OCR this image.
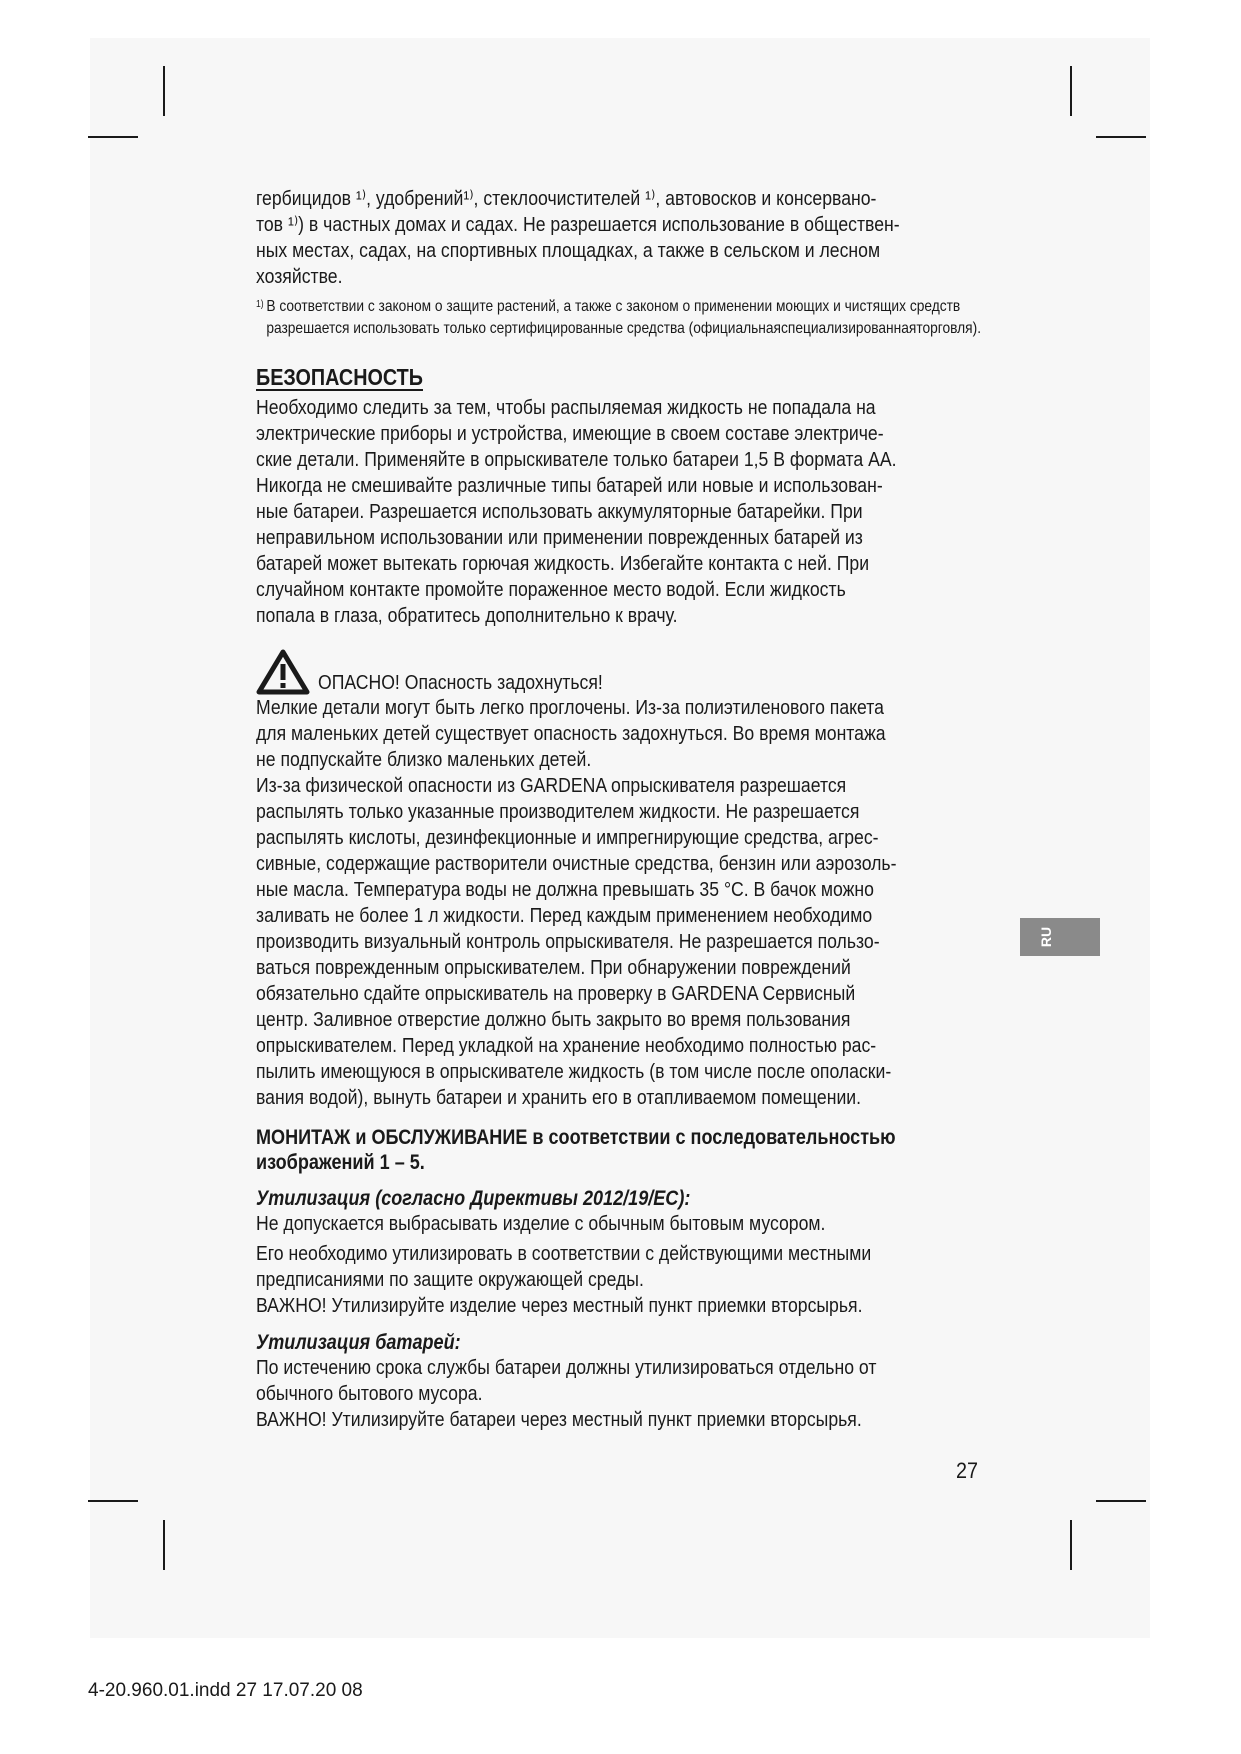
гербицидов ¹⁾, удобрений¹⁾, стеклоочистителей ¹⁾, автовосков и консервано-
тов ¹⁾) в частных домах и садах. Не разрешается использование в обществен-
ных местах, садах, на спортивных площадках, а также в сельском и лесном
хозяйстве.

1) В соответствии с законом о защите растений, а также с законом о применении моющих и чистящих средств разрешается использовать только сертифицированные средства (официальнаяспециализированнаяторговля).
БЕЗОПАСНОСТЬ

Необходимо следить за тем, чтобы распыляемая жидкость не попадала на
электрические приборы и устройства, имеющие в своем составе электриче-
ские детали. Применяйте в опрыскивателе только батареи 1,5 В формата AA.
Никогда не смешивайте различные типы батарей или новые и использован-
ные батареи. Разрешается использовать аккумуляторные батарейки. При
неправильном использовании или применении поврежденных батарей из
батарей может вытекать горючая жидкость. Избегайте контакта с ней. При
случайном контакте промойте пораженное место водой. Если жидкость
попала в глаза, обратитесь дополнительно к врачу.

ОПАСНО! Опасность задохнуться!

Мелкие детали могут быть легко проглочены. Из-за полиэтиленового пакета
для маленьких детей существует опасность задохнуться. Во время монтажа
не подпускайте близко маленьких детей.

Из-за физической опасности из GARDENA опрыскивателя разрешается
распылять только указанные производителем жидкости. Не разрешается
распылять кислоты, дезинфекционные и импрегнирующие средства, агрес-
сивные, содержащие растворители очистные средства, бензин или аэрозоль-
ные масла. Температура воды не должна превышать 35 °C. В бачок можно
заливать не более 1 л жидкости. Перед каждым применением необходимо
производить визуальный контроль опрыскивателя. Не разрешается пользо-
ваться поврежденным опрыскивателем. При обнаружении повреждений
обязательно сдайте опрыскиватель на проверку в GARDENA Сервисный
центр. Заливное отверстие должно быть закрыто во время пользования
опрыскивателем. Перед укладкой на хранение необходимо полностью рас-
пылить имеющуюся в опрыскивателе жидкость (в том числе после ополаски-
вания водой), вынуть батареи и хранить его в отапливаемом помещении.

МОНИТАЖ и ОБСЛУЖИВАНИЕ в соответствии с последовательностью изображений 1 – 5.
Утилизация (согласно Директивы 2012/19/EC):

Не допускается выбрасывать изделие с обычным бытовым мусором.

Его необходимо утилизировать в соответствии с действующими местными
предписаниями по защите окружающей среды.
ВАЖНО! Утилизируйте изделие через местный пункт приемки вторсырья.

Утилизация батарей:

По истечению срока службы батареи должны утилизироваться отдельно от
обычного бытового мусора.
ВАЖНО! Утилизируйте батареи через местный пункт приемки вторсырья.

27
RU
4-20.960.01.indd 27 17.07.20 08
